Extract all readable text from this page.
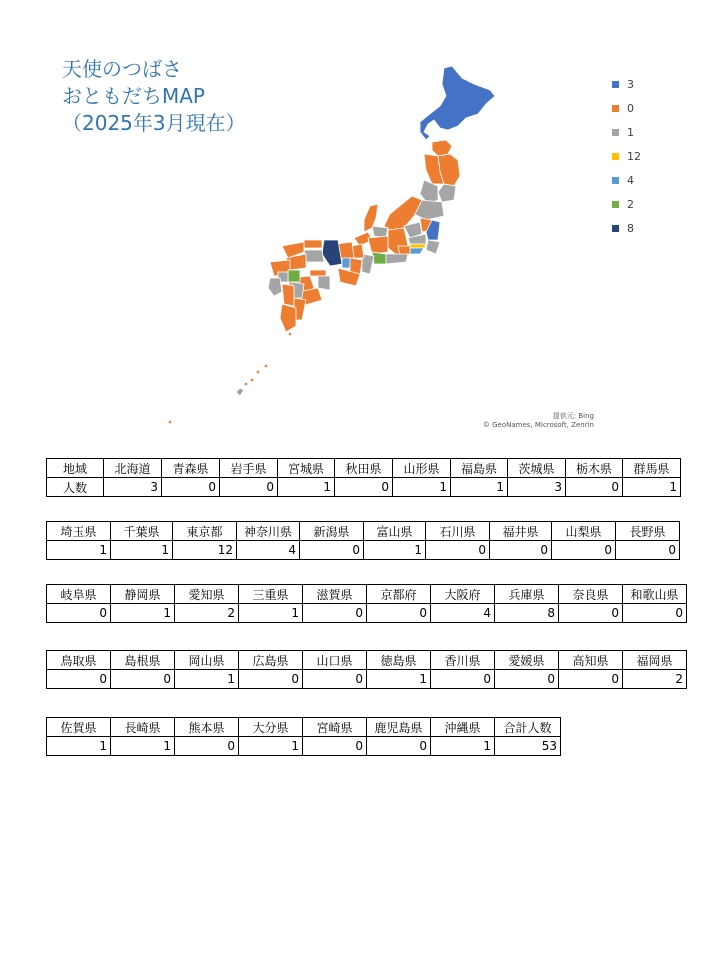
天使のつばさ
おともだちMAP
（2025年3月現在）
3
0
1
12
4
2
8
提供元: Bing
© GeoNames, Microsoft, Zenrin
地域	北海道	青森県	岩手県	宮城県	秋田県	山形県	福島県	茨城県	栃木県	群馬県
人数	3	0	0	1	0	1	1	3	0	1
埼玉県	千葉県	東京都	神奈川県	新潟県	富山県	石川県	福井県	山梨県	長野県
1	1	12	4	0	1	0	0	0	0
岐阜県	静岡県	愛知県	三重県	滋賀県	京都府	大阪府	兵庫県	奈良県	和歌山県
0	1	2	1	0	0	4	8	0	0
鳥取県	島根県	岡山県	広島県	山口県	徳島県	香川県	愛媛県	高知県	福岡県
0	0	1	0	0	1	0	0	0	2
佐賀県	長崎県	熊本県	大分県	宮崎県	鹿児島県	沖縄県	合計人数
1	1	0	1	0	0	1	53
